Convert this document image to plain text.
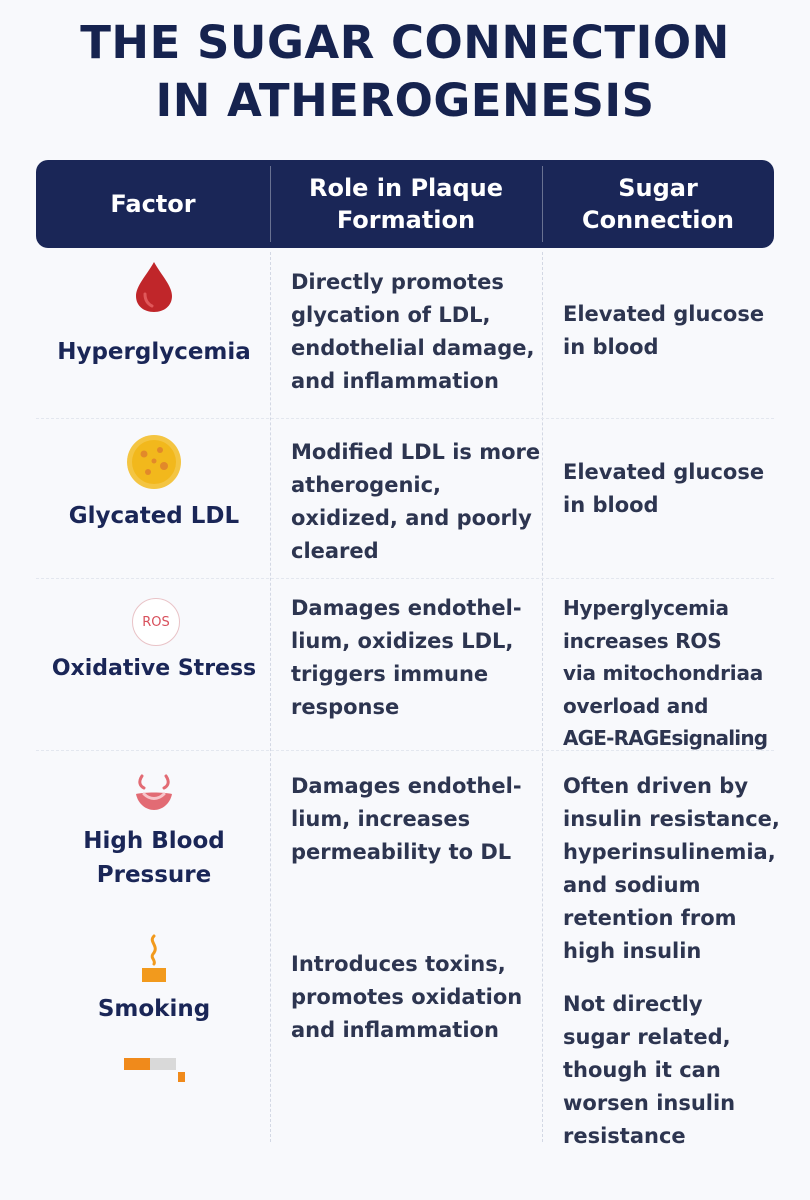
THE SUGAR CONNECTION
IN ATHEROGENESIS
Factor
Role in Plaque
Formation
Sugar
Connection
Hyperglycemia
Directly promotes
glycation of LDL,
endothelial damage,
and inflammation
Elevated glucose
in blood
Glycated LDL
Modified LDL is more
atherogenic,
oxidized, and poorly
cleared
Elevated glucose
in blood
ROS
Oxidative Stress
Damages endothel-
lium, oxidizes LDL,
triggers immune
response
Hyperglycemia
increases ROS
via mitochondriaa
overload and
AGE-RAGEsignaling
High Blood
Pressure
Damages endothel-
lium, increases
permeability to DL
Often driven by
insulin resistance,
hyperinsulinemia,
and sodium
retention from
high insulin
Smoking
Introduces toxins,
promotes oxidation
and inflammation
Not directly
sugar related,
though it can
worsen insulin
resistance
